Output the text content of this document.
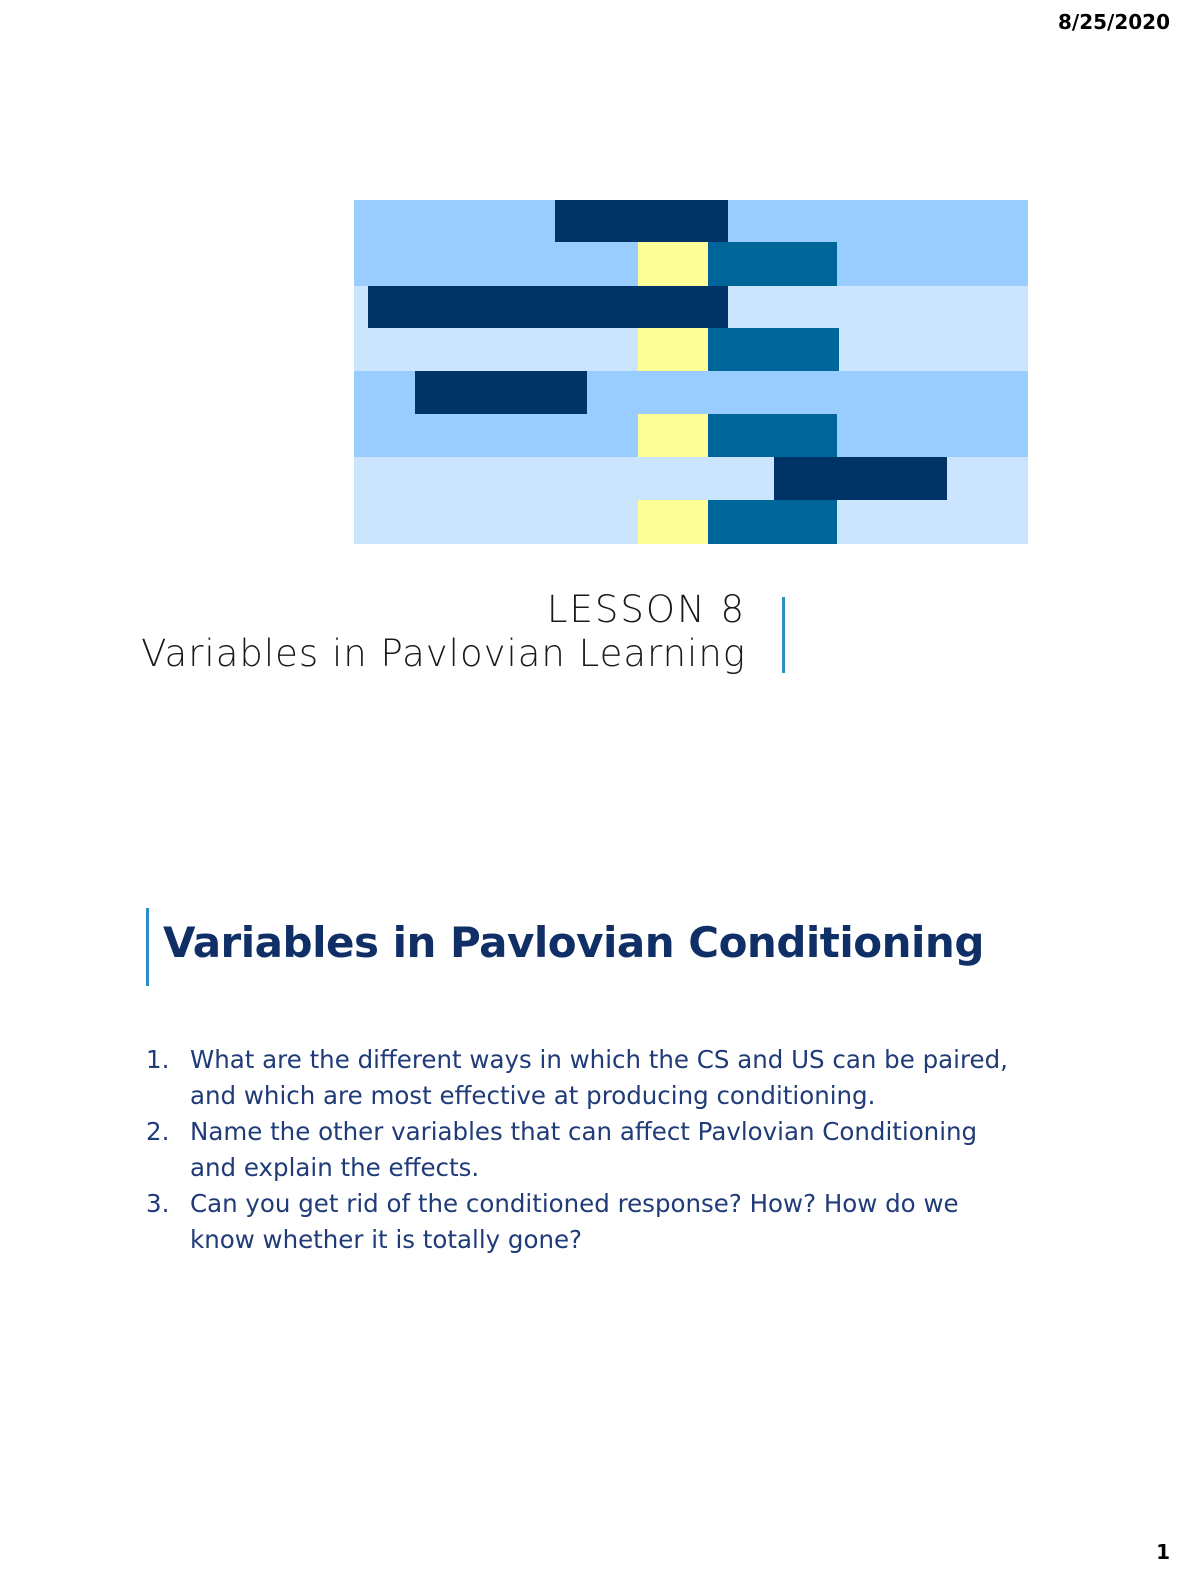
8/25/2020
LESSON 8
Variables in Pavlovian Learning
Variables in Pavlovian Conditioning
1. What are the different ways in which the CS and US can be paired,
and which are most effective at producing conditioning.
2. Name the other variables that can affect Pavlovian Conditioning
and explain the effects.
3. Can you get rid of the conditioned response? How? How do we
know whether it is totally gone?
1
